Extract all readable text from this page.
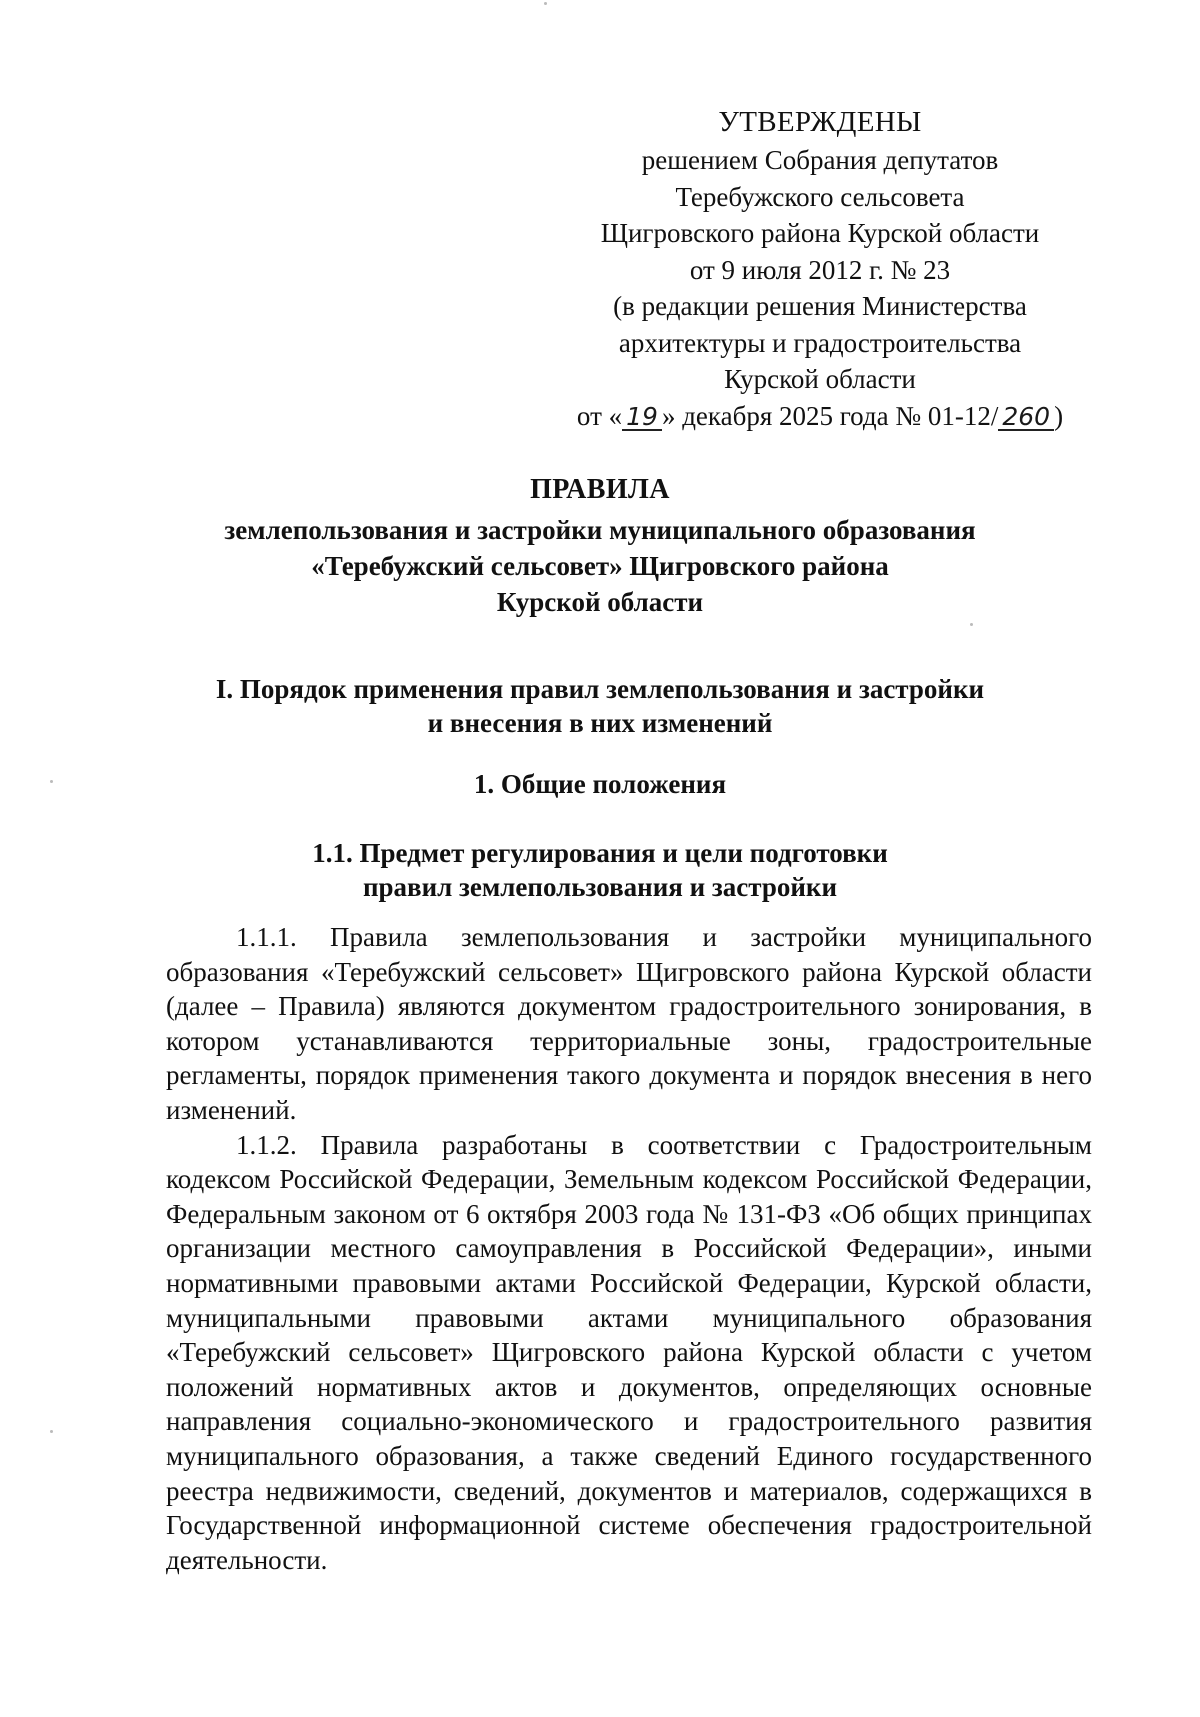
УТВЕРЖДЕНЫ
решением Собрания депутатов
Теребужского сельсовета
Щигровского района Курской области
от 9 июля 2012 г. № 23
(в редакции решения Министерства
архитектуры и градостроительства
Курской области
от « 19 » декабря 2025 года № 01-12/ 260 )
ПРАВИЛА
землепользования и застройки муниципального образования
«Теребужский сельсовет» Щигровского района
Курской области
I. Порядок применения правил землепользования и застройки
и внесения в них изменений
1. Общие положения
1.1. Предмет регулирования и цели подготовки
правил землепользования и застройки

1.1.1. Правила землепользования и застройки муниципального образования «Теребужский сельсовет» Щигровского района Курской области (далее – Правила) являются документом градостроительного зонирования, в котором устанавливаются территориальные зоны, градостроительные регламенты, порядок применения такого документа и порядок внесения в него изменений.

1.1.2. Правила разработаны в соответствии с Градостроительным кодексом Российской Федерации, Земельным кодексом Российской Федерации, Федеральным законом от 6 октября 2003 года № 131-ФЗ «Об общих принципах организации местного самоуправления в Российской Федерации», иными нормативными правовыми актами Российской Федерации, Курской области, муниципальными правовыми актами муниципального образования «Теребужский сельсовет» Щигровского района Курской области с учетом положений нормативных актов и документов, определяющих основные направления социально-экономического и градостроительного развития муниципального образования, а также сведений Единого государственного реестра недвижимости, сведений, документов и материалов, содержащихся в Государственной информационной системе обеспечения градостроительной деятельности.
